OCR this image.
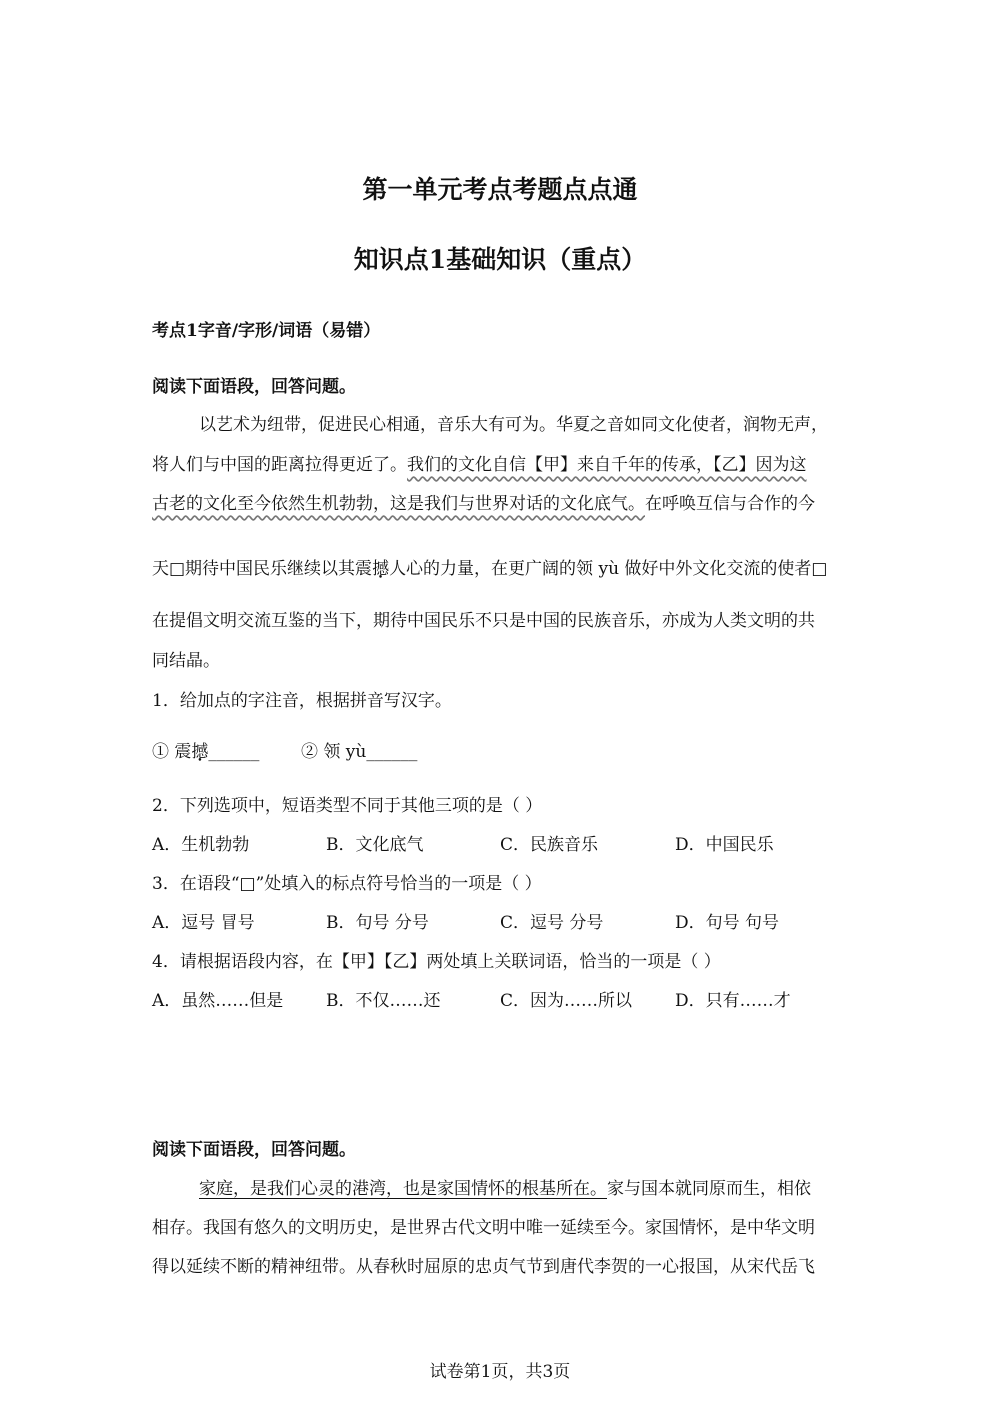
第一单元考点考题点点通
知识点1基础知识（重点）
考点1字音/字形/词语（易错）
阅读下面语段，回答问题。
以艺术为纽带，促进民心相通，音乐大有可为。华夏之音如同文化使者，润物无声，
将人们与中国的距离拉得更近了。我们的文化自信【甲】来自千年的传承，【乙】因为这
古老的文化至今依然生机勃勃，这是我们与世界对话的文化底气。在呼唤互信与合作的今
天□期待中国民乐继续以其震撼人心的力量，在更广阔的领 yù 做好中外文化交流的使者□
在提倡文明交流互鉴的当下，期待中国民乐不只是中国的民族音乐，亦成为人类文明的共
同结晶。
1．给加点的字注音，根据拼音写汉字。
① 震撼______ ② 领 yù______
2．下列选项中，短语类型不同于其他三项的是（ ）
A．生机勃勃	B．文化底气	C．民族音乐	D．中国民乐
3．在语段“□”处填入的标点符号恰当的一项是（ ）
A．逗号 冒号	B．句号 分号	C．逗号 分号	D．句号 句号
4．请根据语段内容，在【甲】【乙】两处填上关联词语，恰当的一项是（ ）
A．虽然……但是	B．不仅……还	C．因为……所以	D．只有……才
阅读下面语段，回答问题。
家庭，是我们心灵的港湾，也是家国情怀的根基所在。家与国本就同原而生，相依
相存。我国有悠久的文明历史，是世界古代文明中唯一延续至今。家国情怀，是中华文明
得以延续不断的精神纽带。从春秋时屈原的忠贞气节到唐代李贺的一心报国，从宋代岳飞
试卷第1页，共3页
